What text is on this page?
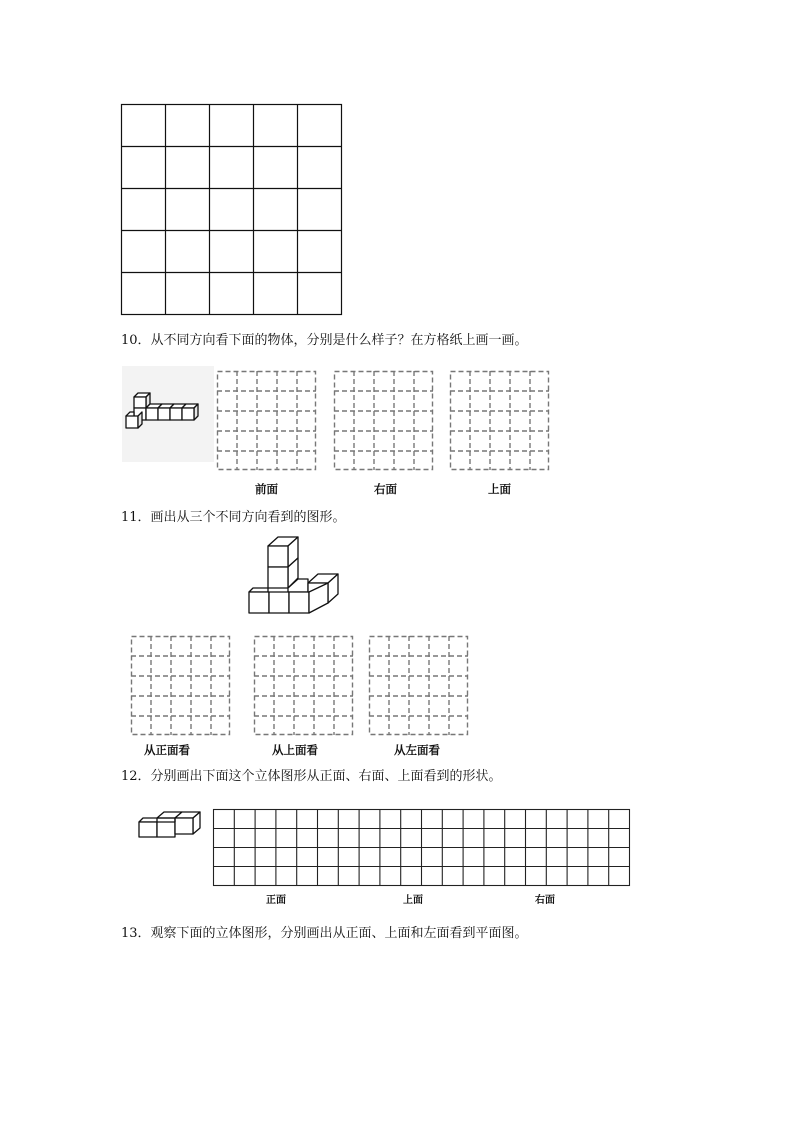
10．从不同方向看下面的物体，分别是什么样子？在方格纸上画一画。
前面	右面	上面
11．画出从三个不同方向看到的图形。
从正面看	从上面看	从左面看
12．分别画出下面这个立体图形从正面、右面、上面看到的形状。
正面	上面	右面
13．观察下面的立体图形，分别画出从正面、上面和左面看到平面图。
